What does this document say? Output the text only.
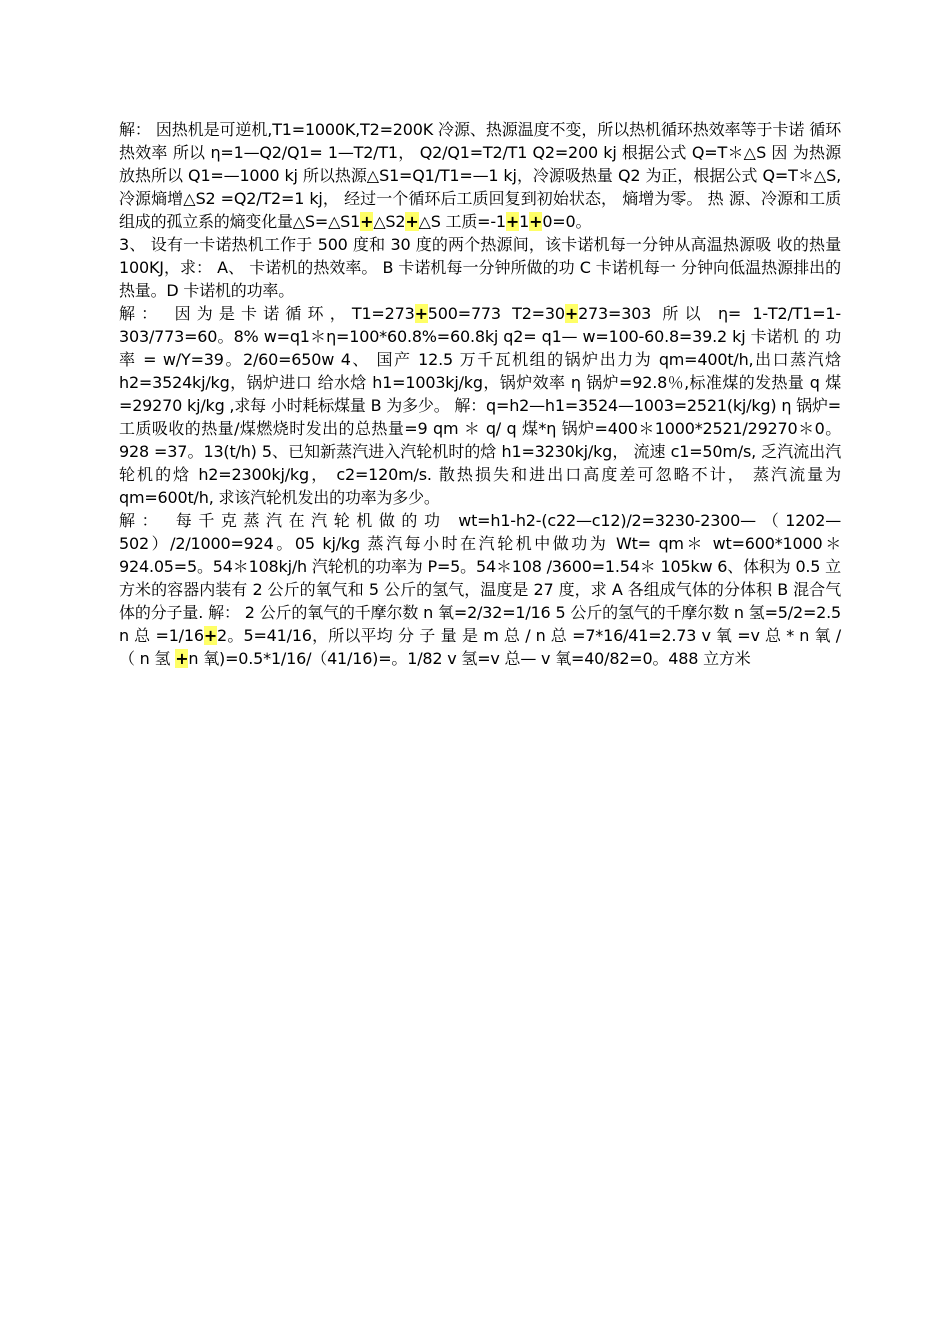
解： 因热机是可逆机,T1=1000K,T2=200K 冷源、热源温度不变，所以热机循环热效率等于卡诺 循环热效率 所以 η=1—Q2/Q1= 1—T2/T1， Q2/Q1=T2/T1 Q2=200 kj 根据公式 Q=T＊△S 因 为热源放热所以 Q1=—1000 kj 所以热源△S1=Q1/T1=—1 kj，冷源吸热量 Q2 为正，根据公式 Q=T＊△S, 冷源熵增△S2 =Q2/T2=1 kj， 经过一个循环后工质回复到初始状态， 熵增为零。 热 源、冷源和工质组成的孤立系的熵变化量△S=△S1+△S2+△S 工质=-1+1+0=0。

3、 设有一卡诺热机工作于 500 度和 30 度的两个热源间，该卡诺机每一分钟从高温热源吸 收的热量 100KJ，求： A、 卡诺机的热效率。 B 卡诺机每一分钟所做的功 C 卡诺机每一 分钟向低温热源排出的热量。D 卡诺机的功率。

解： 因为是卡诺循环，T1=273+500=773 T2=30+273=303 所以 η= 1-T2/T1=1-303/773=60。8% w=q1＊η=100*60.8%=60.8kj q2= q1— w=100-60.8=39.2 kj 卡诺机 的 功 率 = w/Y=39。2/60=650w 4、 国产 12.5 万千瓦机组的锅炉出力为 qm=400t/h,出口蒸汽焓 h2=3524kj/kg，锅炉进口 给水焓 h1=1003kj/kg，锅炉效率 η 锅炉=92.8％,标准煤的发热量 q 煤=29270 kj/kg ,求每 小时耗标煤量 B 为多少。 解：q=h2—h1=3524—1003=2521(kj/kg) η 锅炉=工质吸收的热量/煤燃烧时发出的总热量=9 qm ＊ q/ q 煤*η 锅炉=400＊1000*2521/29270＊0。928 =37。13(t/h) 5、已知新蒸汽进入汽轮机时的焓 h1=3230kj/kg， 流速 c1=50m/s, 乏汽流出汽轮机的焓 h2=2300kj/kg， c2=120m/s. 散热损失和进出口高度差可忽略不计， 蒸汽流量为 qm=600t/h, 求该汽轮机发出的功率为多少。

解： 每千克蒸汽在汽轮机做的功 wt=h1-h2-(c22—c12)/2=3230-2300—（1202—502）/2/1000=924。05 kj/kg 蒸汽每小时在汽轮机中做功为 Wt= qm＊ wt=600*1000＊924.05=5。54＊108kj/h 汽轮机的功率为 P=5。54＊108 /3600=1.54＊ 105kw 6、体积为 0.5 立方米的容器内装有 2 公斤的氧气和 5 公斤的氢气，温度是 27 度，求 A 各组成气体的分体积 B 混合气体的分子量. 解： 2 公斤的氧气的千摩尔数 n 氧=2/32=1/16 5 公斤的氢气的千摩尔数 n 氢=5/2=2.5 n 总 =1/16+2。5=41/16，所以平均 分 子 量 是 m 总 / n 总 =7*16/41=2.73 v 氧 =v 总 * n 氧 / （ n 氢 +n 氧)=0.5*1/16/（41/16)=。1/82 v 氢=v 总— v 氧=40/82=0。488 立方米
